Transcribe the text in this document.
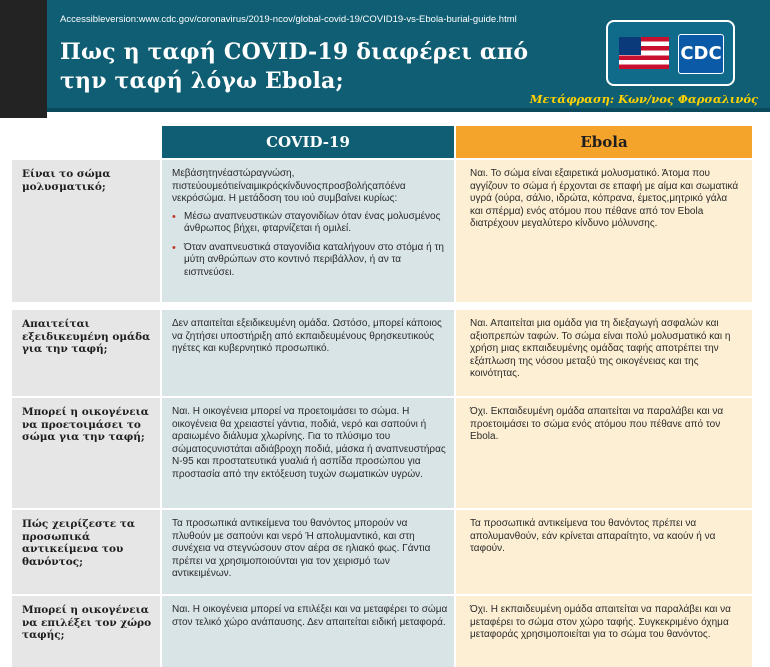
Accessibleversion:www.cdc.gov/coronavirus/2019-ncov/global-covid-19/COVID19-vs-Ebola-burial-guide.html
Πως η ταφή COVID-19 διαφέρει από την ταφή λόγω Ebola;
CDC
Μετάφραση: Κων/νος Φαρσαλινός
COVID-19	Ebola
Είναι το σώμα μολυσματικό;
Μεβάσητηνέαστώραγνώση, πιστεύουμεότιείναιμικρόςκίνδυνοςπροσβολήςαπόένα νεκρόσώμα. Η μετάδοση του ιού συμβαίνει κυρίως:
• Μέσω αναπνευστικών σταγονιδίων όταν ένας μολυσμένος άνθρωπος βήχει, φταρνίζεται ή ομιλεί.
• Όταν αναπνευστικά σταγονίδια καταλήγουν στο στόμα ή τη μύτη ανθρώπων στο κοντινό περιβάλλον, ή αν τα εισπνεύσει.
Ναι. Το σώμα είναι εξαιρετικά μολυσματικό. Άτομα που αγγίζουν το σώμα ή έρχονται σε επαφή με αίμα και σωματικά υγρά (ούρα, σάλιο, ιδρώτα, κόπρανα, έμετος,μητρικό γάλα και σπέρμα) ενός ατόμου που πέθανε από τον Ebola διατρέχουν μεγαλύτερο κίνδυνο μόλυνσης.
Απαιτείται εξειδικευμένη ομάδα για την ταφή;
Δεν απαιτείται εξειδικευμένη ομάδα. Ωστόσο, μπορεί κάποιος να ζητήσει υποστήριξη από εκπαιδευμένους θρησκευτικούς ηγέτες και κυβερνητικό προσωπικό.
Ναι. Απαιτείται μια ομάδα για τη διεξαγωγή ασφαλών και αξιοπρεπών ταφών. Το σώμα είναι πολύ μολυσματικό και η χρήση μιας εκπαιδευμένης ομάδας ταφής αποτρέπει την εξάπλωση της νόσου μεταξύ της οικογένειας και της κοινότητας.
Μπορεί η οικογένεια να προετοιμάσει το σώμα για την ταφή;
Ναι. Η οικογένεια μπορεί να προετοιμάσει το σώμα. Η οικογένεια θα χρειαστεί γάντια, ποδιά, νερό και σαπούνι ή αραιωμένο διάλυμα χλωρίνης. Για το πλύσιμο του σώματοςυνιστάται αδιάβροχη ποδιά, μάσκα ή αναπνευστήρας N-95 και προστατευτικά γυαλιά ή ασπίδα προσώπου για προστασία από την εκτόξευση τυχών σωματικών υγρών.
Όχι. Εκπαιδευμένη ομάδα απαιτείται να παραλάβει και να προετοιμάσει το σώμα ενός ατόμου που πέθανε από τον Ebola.
Πώς χειρίζεστε τα προσωπικά αντικείμενα του θανόντος;
Τα προσωπικά αντικείμενα του θανόντος μπορούν να πλυθούν με σαπούνι και νερό Ή απολυμαντικό, και στη συνέχεια να στεγνώσουν στον αέρα σε ηλιακό φως. Γάντια πρέπει να χρησιμοποιούνται για τον χειρισμό των αντικειμένων.
Τα προσωπικά αντικείμενα του θανόντος πρέπει να απολυμανθούν, εάν κρίνεται απαραίτητο, να καούν ή να ταφούν.
Μπορεί η οικογένεια να επιλέξει τον χώρο ταφής;
Ναι. Η οικογένεια μπορεί να επιλέξει και να μεταφέρει το σώμα στον τελικό χώρο ανάπαυσης. Δεν απαιτείται ειδική μεταφορά.
Όχι. Η εκπαιδευμένη ομάδα απαιτείται να παραλάβει και να μεταφέρει το σώμα στον χώρο ταφής. Συγκεκριμένο όχημα μεταφοράς χρησιμοποιείται για το σώμα του θανόντος.
